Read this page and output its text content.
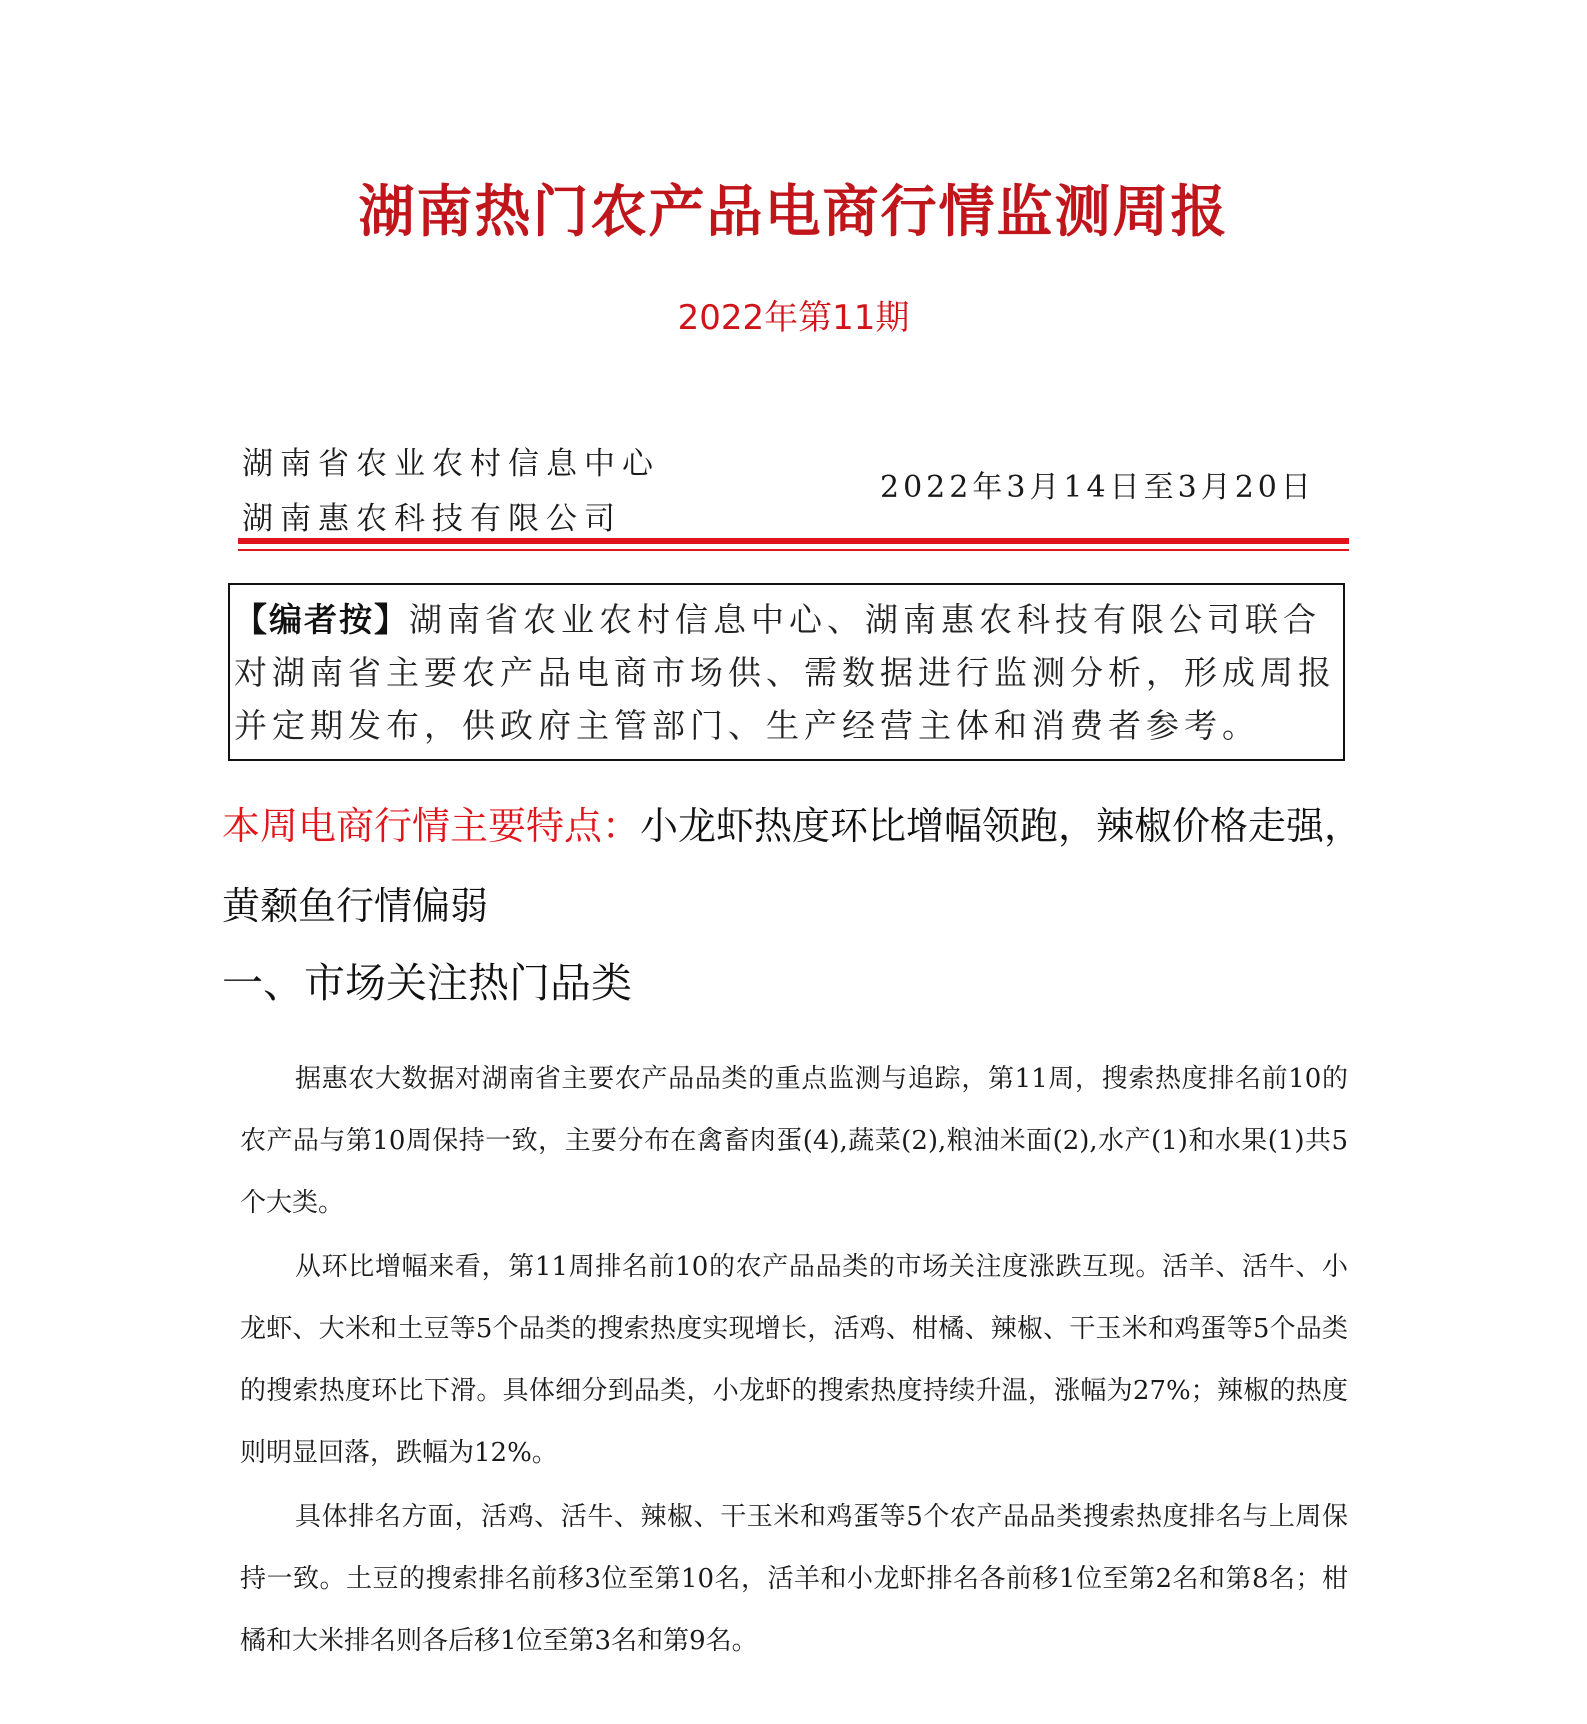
湖南热门农产品电商行情监测周报
2022年第11期
湖南省农业农村信息中心
湖南惠农科技有限公司
2022年3月14日至3月20日
【编者按】湖南省农业农村信息中心、湖南惠农科技有限公司联合对湖南省主要农产品电商市场供、需数据进行监测分析，形成周报并定期发布，供政府主管部门、生产经营主体和消费者参考。
本周电商行情主要特点：小龙虾热度环比增幅领跑，辣椒价格走强，黄颡鱼行情偏弱
一、市场关注热门品类

据惠农大数据对湖南省主要农产品品类的重点监测与追踪，第11周，搜索热度排名前10的农产品与第10周保持一致，主要分布在禽畜肉蛋(4),蔬菜(2),粮油米面(2),水产(1)和水果(1)共5个大类。

从环比增幅来看，第11周排名前10的农产品品类的市场关注度涨跌互现。活羊、活牛、小龙虾、大米和土豆等5个品类的搜索热度实现增长，活鸡、柑橘、辣椒、干玉米和鸡蛋等5个品类的搜索热度环比下滑。具体细分到品类，小龙虾的搜索热度持续升温，涨幅为27%；辣椒的热度则明显回落，跌幅为12%。

具体排名方面，活鸡、活牛、辣椒、干玉米和鸡蛋等5个农产品品类搜索热度排名与上周保持一致。土豆的搜索排名前移3位至第10名，活羊和小龙虾排名各前移1位至第2名和第8名；柑橘和大米排名则各后移1位至第3名和第9名。
